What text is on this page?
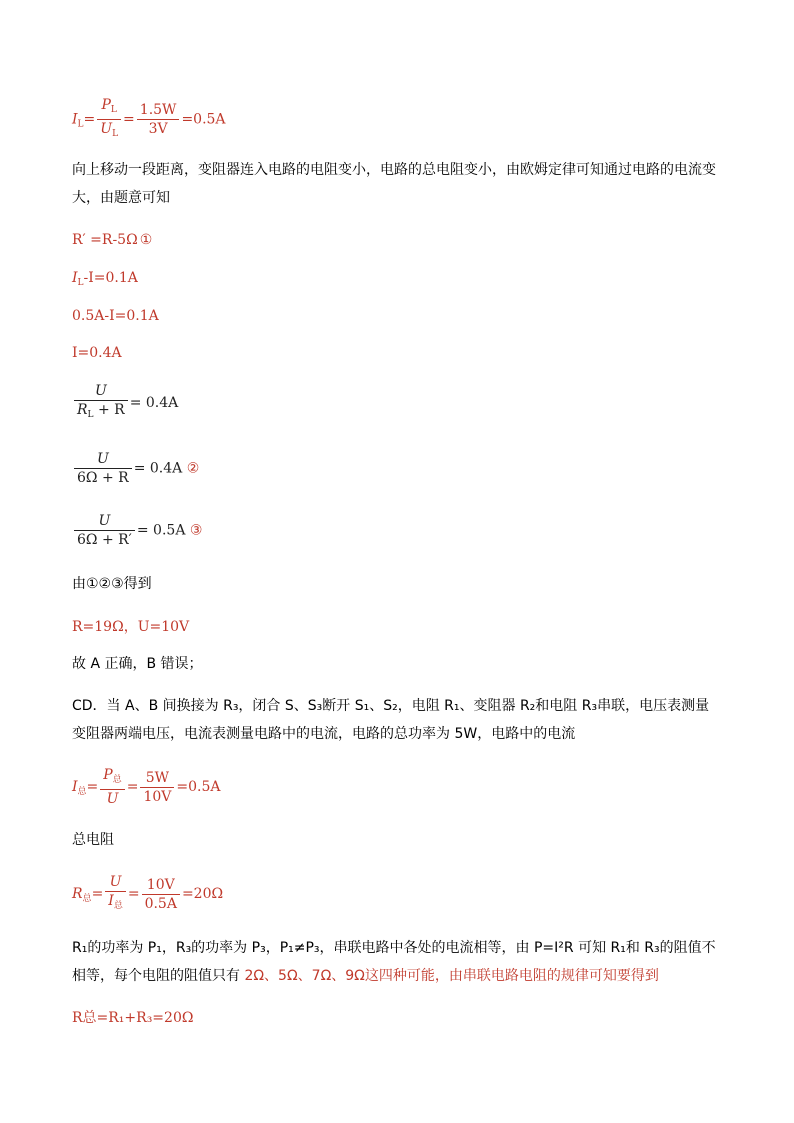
$I_L= \frac{P_L}{U_L} = \frac{1.5W}{3V} =0.5A$
向上移动一段距离，变阻器连入电路的电阻变小，电路的总电阻变小，由欧姆定律可知通过电路的电流变大，由题意可知
R′ =R-5Ω ①
$I_L-I=0.1A$
0.5A-I=0.1A
I=0.4A
$\frac{U}{R_L + R} = 0.4A$
$\frac{U}{6\Omega + R} = 0.4A$ ②
$\frac{U}{6\Omega + R'} = 0.5A$ ③
由①②③得到
R=19Ω，U=10V
故 A 正确，B 错误；
CD．当 A、B 间换接为 R₃，闭合 S、S₃断开 S₁、S₂，电阻 R₁、变阻器 R₂和电阻 R₃串联，电压表测量变阻器两端电压，电流表测量电路中的电流，电路的总功率为 5W，电路中的电流
$I_总= \frac{P_总}{U} = \frac{5W}{10V} =0.5A$
总电阻
$R_总= \frac{U}{I_总} = \frac{10V}{0.5A} =20\Omega$
R₁的功率为 P₁，R₃的功率为 P₃，P₁≠P₃，串联电路中各处的电流相等，由 P=I²R 可知 R₁和 R₃的阻值不相等，每个电阻的阻值只有 2Ω、5Ω、7Ω、9Ω这四种可能，由串联电路电阻的规律可知要得到
R总=R₁+R₃=20Ω
